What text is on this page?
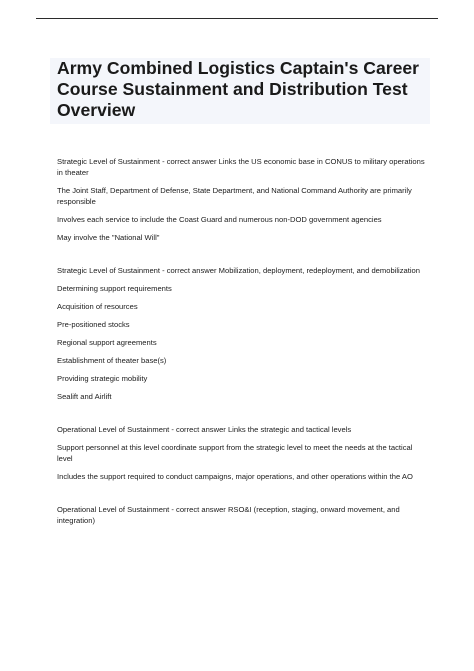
Army Combined Logistics Captain's Career Course Sustainment and Distribution Test Overview

Strategic Level of Sustainment - correct answer Links the US economic base in CONUS to military operations in theater

The Joint Staff, Department of Defense, State Department, and National Command Authority are primarily responsible

Involves each service to include the Coast Guard and numerous non-DOD government agencies

May involve the "National Will"

Strategic Level of Sustainment - correct answer Mobilization, deployment, redeployment, and demobilization

Determining support requirements

Acquisition of resources

Pre-positioned stocks

Regional support agreements

Establishment of theater base(s)

Providing strategic mobility

Sealift and Airlift

Operational Level of Sustainment - correct answer Links the strategic and tactical levels

Support personnel at this level coordinate support from the strategic level to meet the needs at the tactical level

Includes the support required to conduct campaigns, major operations, and other operations within the AO

Operational Level of Sustainment - correct answer RSO&I (reception, staging, onward movement, and integration)
